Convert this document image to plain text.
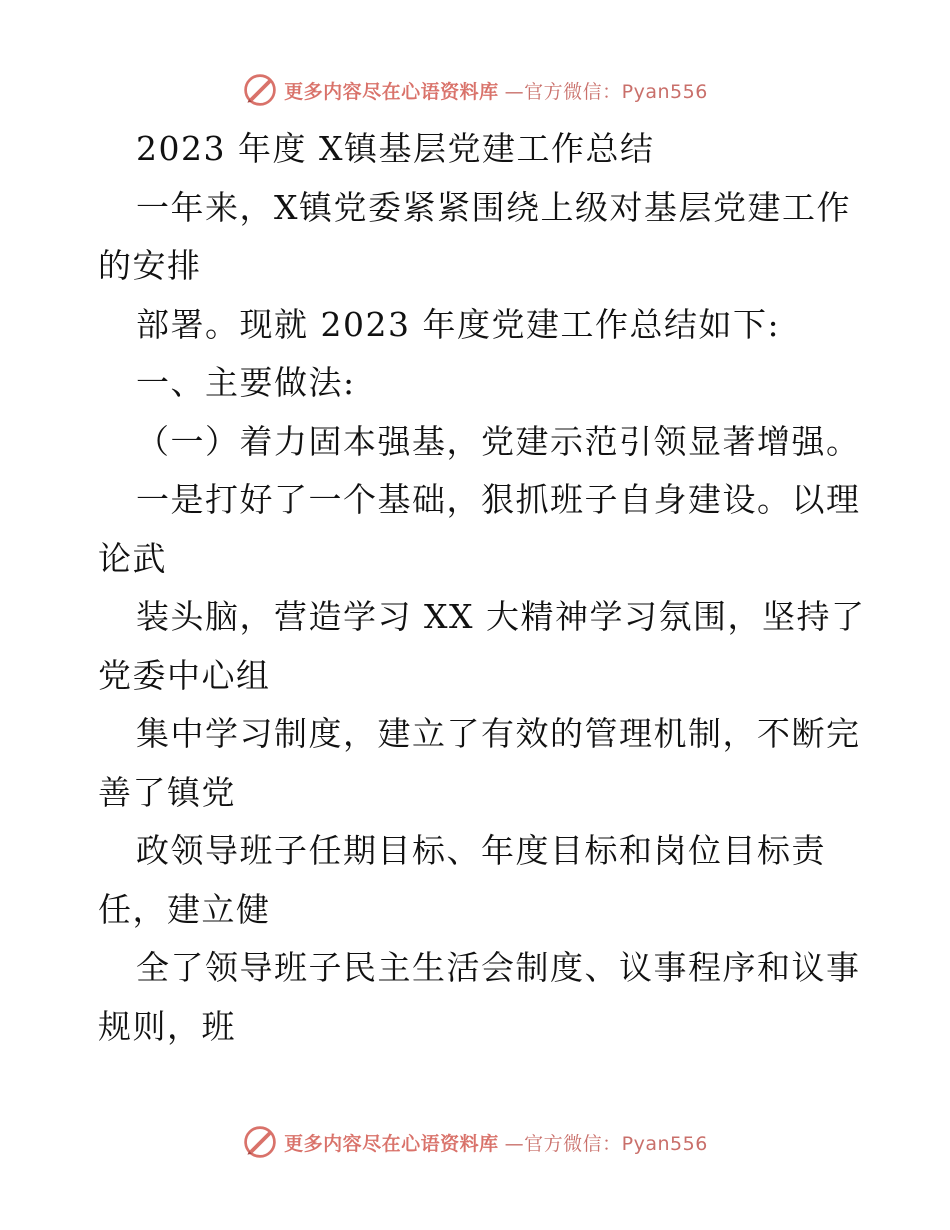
更多内容尽在心语资料库 —官方微信：Pyan556
2023 年度 X镇基层党建工作总结
一年来，X镇党委紧紧围绕上级对基层党建工作
的安排
部署。现就 2023 年度党建工作总结如下:
一、主要做法:
（一）着力固本强基，党建示范引领显著增强。
一是打好了一个基础，狠抓班子自身建设。以理
论武
装头脑，营造学习 XX 大精神学习氛围，坚持了
党委中心组
集中学习制度，建立了有效的管理机制，不断完
善了镇党
政领导班子任期目标、年度目标和岗位目标责
任，建立健
全了领导班子民主生活会制度、议事程序和议事
规则，班
更多内容尽在心语资料库 —官方微信：Pyan556
